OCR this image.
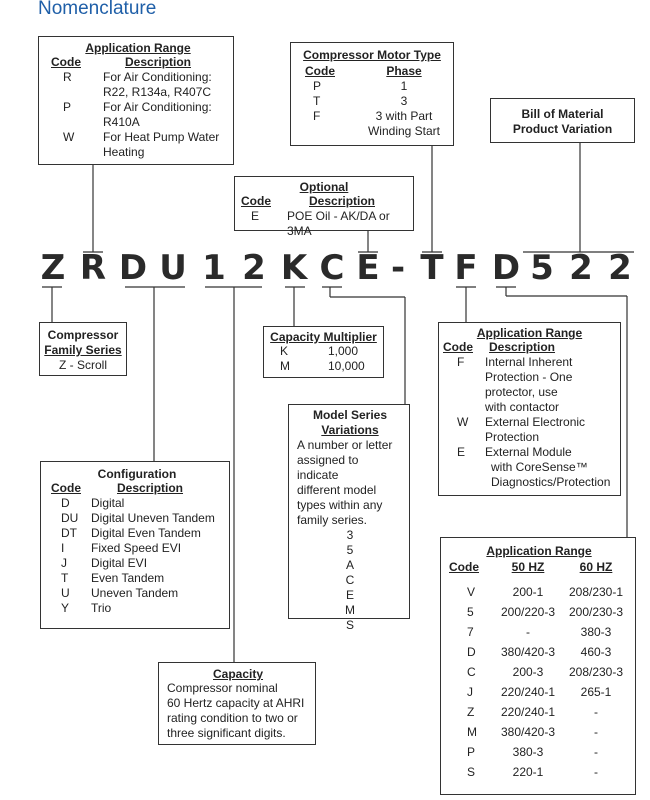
Nomenclature
Z R D U 1 2 K C E - T F D 5 2 2
Application Range
Code	Description
R	For Air Conditioning:
R22, R134a, R407C

P	For Air Conditioning:
R410A

W	For Heat Pump Water
Heating
Compressor Motor Type
Code	Phase
P	1
T	3
F	3 with Part
Winding Start
Bill of Material
Product Variation
Optional
Code	Description
E	POE Oil - AK/DA or 3MA
Compressor
Family Series
Z - Scroll
Capacity Multiplier
K	1,000
M	10,000
Model Series
Variations
A number or letter
assigned to indicate
different model
types within any
family series.
3
5
A
C
E
M
S
Application Range
Code	Description
F	Internal Inherent
Protection - One
protector, use
with contactor

W	External Electronic
Protection

E	External Module
with CoreSense™
Diagnostics/Protection
Configuration
Code	Description
D	Digital
DU	Digital Uneven Tandem
DT	Digital Even Tandem
I	Fixed Speed EVI
J	Digital EVI
T	Even Tandem
U	Uneven Tandem
Y	Trio
Capacity
Compressor nominal
60 Hertz capacity at AHRI
rating condition to two or
three significant digits.
Application Range
Code	50 HZ	60 HZ
V	200-1	208/230-1
5	200/220-3	200/230-3
7	-	380-3
D	380/420-3	460-3
C	200-3	208/230-3
J	220/240-1	265-1
Z	220/240-1	-
M	380/420-3	-
P	380-3	-
S	220-1	-
